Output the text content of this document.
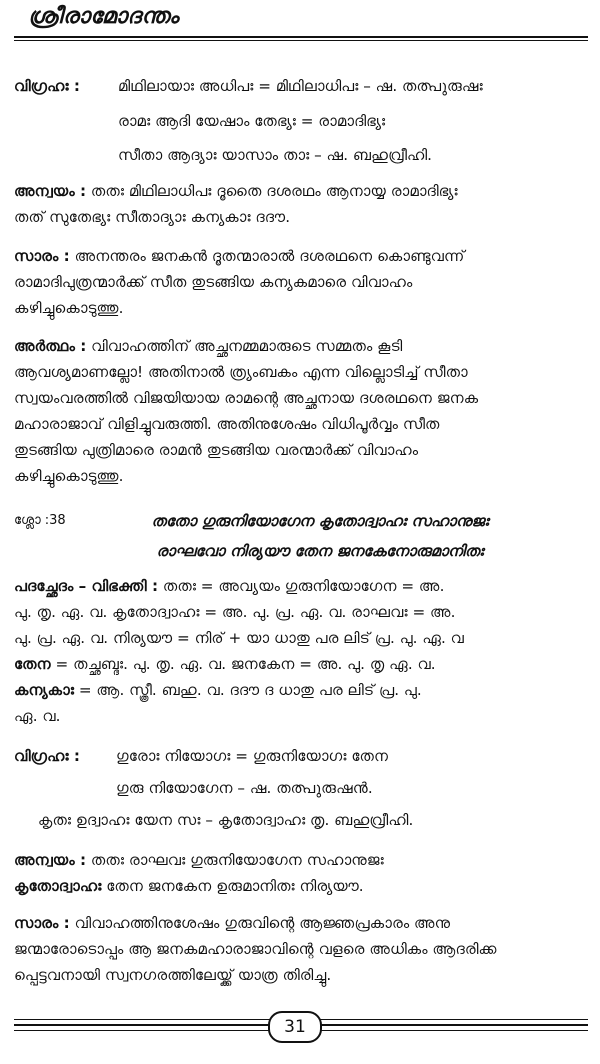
ശ്രീരാമോദന്തം
വിഗ്രഹഃ : മിഥിലായാഃ അധിപഃ = മിഥിലാധിപഃ – ഷ. തത്പുരുഷഃ
രാമഃ ആദി യേഷാം തേഭ്യഃ = രാമാദിഭ്യഃ
സീതാ ആദ്യാഃ യാസാം താഃ – ഷ. ബഹുവ്രീഹി.
അന്വയം : തതഃ മിഥിലാധിപഃ ദൂതൈ ദശരഥം ആനായ്യ രാമാദിഭ്യഃ
തത് സുതേഭ്യഃ സീതാദ്യാഃ കന്യകാഃ ദദൗ.
സാരം : അനന്തരം ജനകൻ ദൂതന്മാരാൽ ദശരഥനെ കൊണ്ടുവന്ന്
രാമാദിപുത്രന്മാർക്ക് സീത തുടങ്ങിയ കന്യകമാരെ വിവാഹം
കഴിച്ചുകൊടുത്തു.
അർത്ഥം : വിവാഹത്തിന് അച്ഛനമ്മമാരുടെ സമ്മതം കൂടി
ആവശ്യമാണല്ലോ! അതിനാൽ ത്ര്യംബകം എന്ന വില്ലൊടിച്ച് സീതാ
സ്വയംവരത്തിൽ വിജയിയായ രാമന്റെ അച്ഛനായ ദശരഥനെ ജനക
മഹാരാജാവ് വിളിച്ചുവരുത്തി. അതിനുശേഷം വിധിപൂർവ്വം സീത
തുടങ്ങിയ പുത്രിമാരെ രാമൻ തുടങ്ങിയ വരന്മാർക്ക് വിവാഹം
കഴിച്ചുകൊടുത്തു.
ശ്ലോ :38	തതോ ഗുരുനിയോഗേന കൃതോദ്വാഹഃ സഹാനുജഃ
രാഘവോ നിര്യയൗ തേന ജനകേനോരുമാനിതഃ
പദച്ഛേദം – വിഭക്തി : തതഃ = അവ്യയം ഗുരുനിയോഗേന = അ.
പു. തൃ. ഏ. വ. കൃതോദ്വാഹഃ = അ. പു. പ്ര. ഏ. വ. രാഘവഃ = അ.
പു. പ്ര. ഏ. വ. നിര്യയൗ = നിര് + യാ ധാതു പര ലിട് പ്ര. പു. ഏ. വ
തേന = തച്ഛബ്ദഃ. പു. തൃ. ഏ. വ. ജനകേന = അ. പു. തൃ ഏ. വ.
കന്യകാഃ = ആ. സ്ത്രീ. ബഹു. വ. ദദൗ ദ ധാതു പര ലിട് പ്ര. പു.
ഏ. വ.
വിഗ്രഹഃ : ഗുരോഃ നിയോഗഃ = ഗുരുനിയോഗഃ തേന
ഗുരു നിയോഗേന – ഷ. തത്പുരുഷൻ.
കൃതഃ ഉദ്വാഹഃ യേന സഃ – കൃതോദ്വാഹഃ തൃ. ബഹുവ്രീഹി.
അന്വയം : തതഃ രാഘവഃ ഗുരുനിയോഗേന സഹാനുജഃ
കൃതോദ്വാഹഃ തേന ജനകേന ഉരുമാനിതഃ നിര്യയൗ.
സാരം : വിവാഹത്തിനുശേഷം ഗുരുവിന്റെ ആജ്ഞപ്രകാരം അനു
ജന്മാരോടൊപ്പം ആ ജനകമഹാരാജാവിന്റെ വളരെ അധികം ആദരിക്ക
പ്പെട്ടവനായി സ്വനഗരത്തിലേയ്ക്ക് യാത്ര തിരിച്ചു.
31
